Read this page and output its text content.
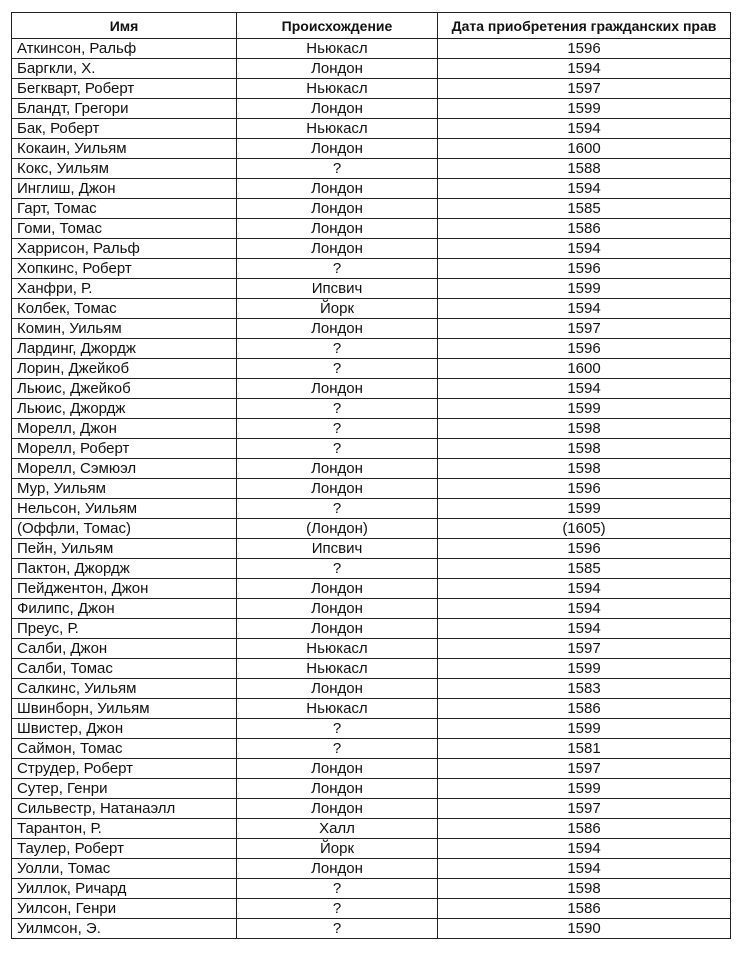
Имя	Происхождение	Дата приобретения гражданских прав
Аткинсон, Ральф	Ньюкасл	1596
Баргкли, Х.	Лондон	1594
Бегкварт, Роберт	Ньюкасл	1597
Бландт, Грегори	Лондон	1599
Бак, Роберт	Ньюкасл	1594
Кокаин, Уильям	Лондон	1600
Кокс, Уильям	?	1588
Инглиш, Джон	Лондон	1594
Гарт, Томас	Лондон	1585
Гоми, Томас	Лондон	1586
Харрисон, Ральф	Лондон	1594
Хопкинс, Роберт	?	1596
Ханфри, Р.	Ипсвич	1599
Колбек, Томас	Йорк	1594
Комин, Уильям	Лондон	1597
Лардинг, Джордж	?	1596
Лорин, Джейкоб	?	1600
Льюис, Джейкоб	Лондон	1594
Льюис, Джордж	?	1599
Морелл, Джон	?	1598
Морелл, Роберт	?	1598
Морелл, Сэмюэл	Лондон	1598
Мур, Уильям	Лондон	1596
Нельсон, Уильям	?	1599
(Оффли, Томас)	(Лондон)	(1605)
Пейн, Уильям	Ипсвич	1596
Пактон, Джордж	?	1585
Пейджентон, Джон	Лондон	1594
Филипс, Джон	Лондон	1594
Преус, Р.	Лондон	1594
Салби, Джон	Ньюкасл	1597
Салби, Томас	Ньюкасл	1599
Салкинс, Уильям	Лондон	1583
Швинборн, Уильям	Ньюкасл	1586
Швистер, Джон	?	1599
Саймон, Томас	?	1581
Струдер, Роберт	Лондон	1597
Сутер, Генри	Лондон	1599
Сильвестр, Натанаэлл	Лондон	1597
Тарантон, Р.	Халл	1586
Таулер, Роберт	Йорк	1594
Уолли, Томас	Лондон	1594
Уиллок, Ричард	?	1598
Уилсон, Генри	?	1586
Уилмсон, Э.	?	1590
